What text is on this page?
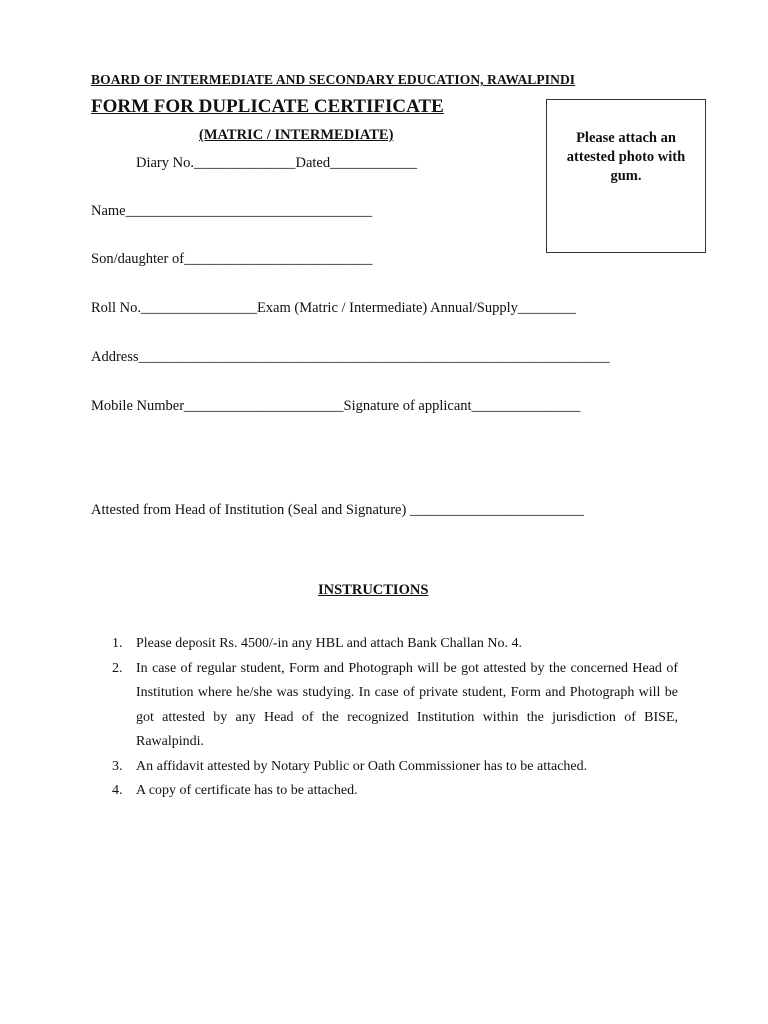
BOARD OF INTERMEDIATE AND SECONDARY EDUCATION, RAWALPINDI
FORM FOR DUPLICATE CERTIFICATE
(MATRIC / INTERMEDIATE)	Please attach an attested photo with gum.
Diary No.______________Dated____________
Name__________________________________
Son/daughter of__________________________
Roll No.________________Exam (Matric / Intermediate) Annual/Supply________
Address_________________________________________________________________
Mobile Number______________________Signature of applicant_______________
Attested from Head of Institution (Seal and Signature) ________________________
INSTRUCTIONS
1. Please deposit Rs. 4500/-in any HBL and attach Bank Challan No. 4.
2. In case of regular student, Form and Photograph will be got attested by the concerned Head of Institution where he/she was studying. In case of private student, Form and Photograph will be got attested by any Head of the recognized Institution within the jurisdiction of BISE, Rawalpindi.
3. An affidavit attested by Notary Public or Oath Commissioner has to be attached.
4. A copy of certificate has to be attached.
